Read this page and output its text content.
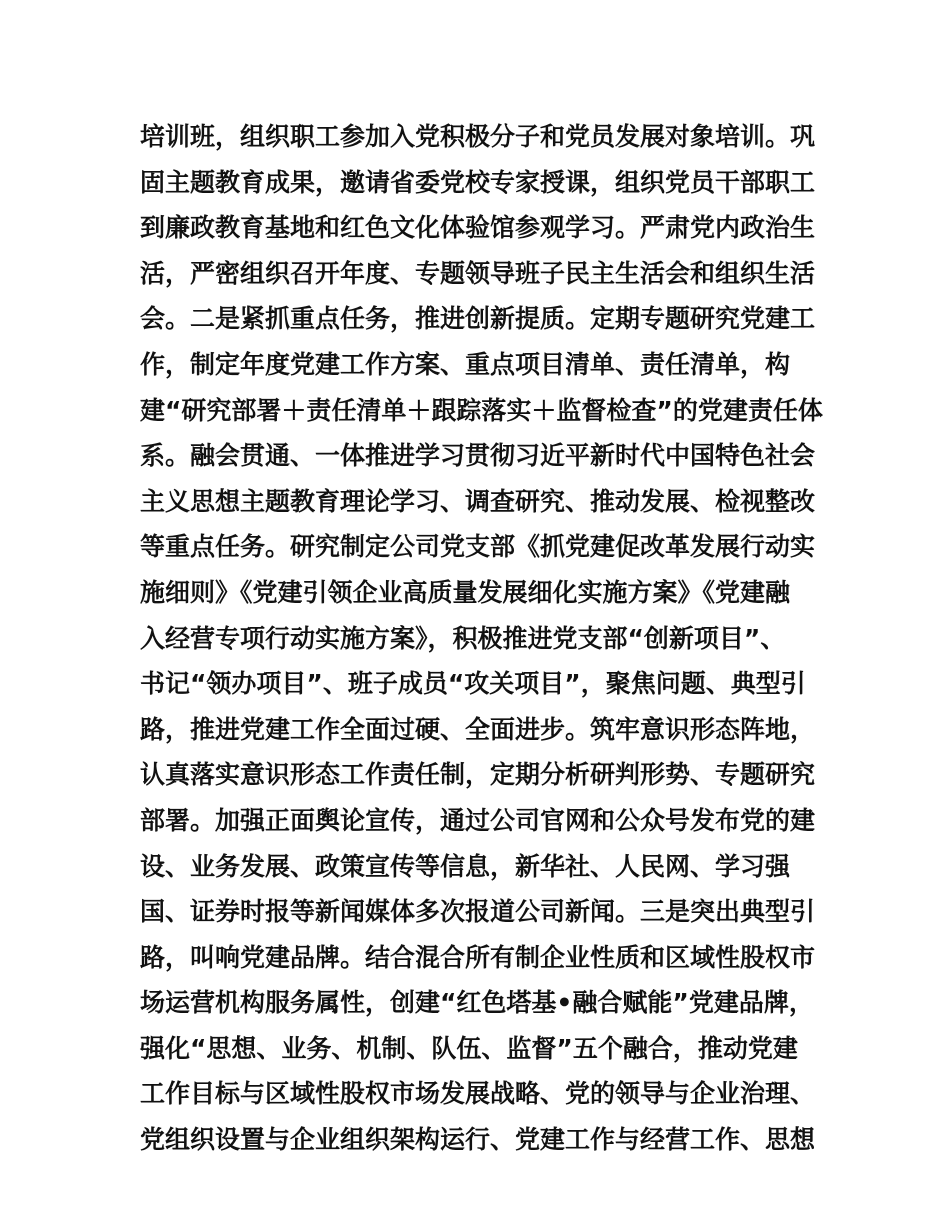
培训班，组织职工参加入党积极分子和党员发展对象培训。巩
固主题教育成果，邀请省委党校专家授课，组织党员干部职工
到廉政教育基地和红色文化体验馆参观学习。严肃党内政治生
活，严密组织召开年度、专题领导班子民主生活会和组织生活
会。二是紧抓重点任务，推进创新提质。定期专题研究党建工
作，制定年度党建工作方案、重点项目清单、责任清单，构
建“研究部署＋责任清单＋跟踪落实＋监督检查”的党建责任体
系。融会贯通、一体推进学习贯彻习近平新时代中国特色社会
主义思想主题教育理论学习、调查研究、推动发展、检视整改
等重点任务。研究制定公司党支部《抓党建促改革发展行动实
施细则》《党建引领企业高质量发展细化实施方案》《党建融
入经营专项行动实施方案》，积极推进党支部“创新项目”、
书记“领办项目”、班子成员“攻关项目”，聚焦问题、典型引
路，推进党建工作全面过硬、全面进步。筑牢意识形态阵地，
认真落实意识形态工作责任制，定期分析研判形势、专题研究
部署。加强正面舆论宣传，通过公司官网和公众号发布党的建
设、业务发展、政策宣传等信息，新华社、人民网、学习强
国、证券时报等新闻媒体多次报道公司新闻。三是突出典型引
路，叫响党建品牌。结合混合所有制企业性质和区域性股权市
场运营机构服务属性，创建“红色塔基•融合赋能”党建品牌，
强化“思想、业务、机制、队伍、监督”五个融合，推动党建
工作目标与区域性股权市场发展战略、党的领导与企业治理、
党组织设置与企业组织架构运行、党建工作与经营工作、思想
